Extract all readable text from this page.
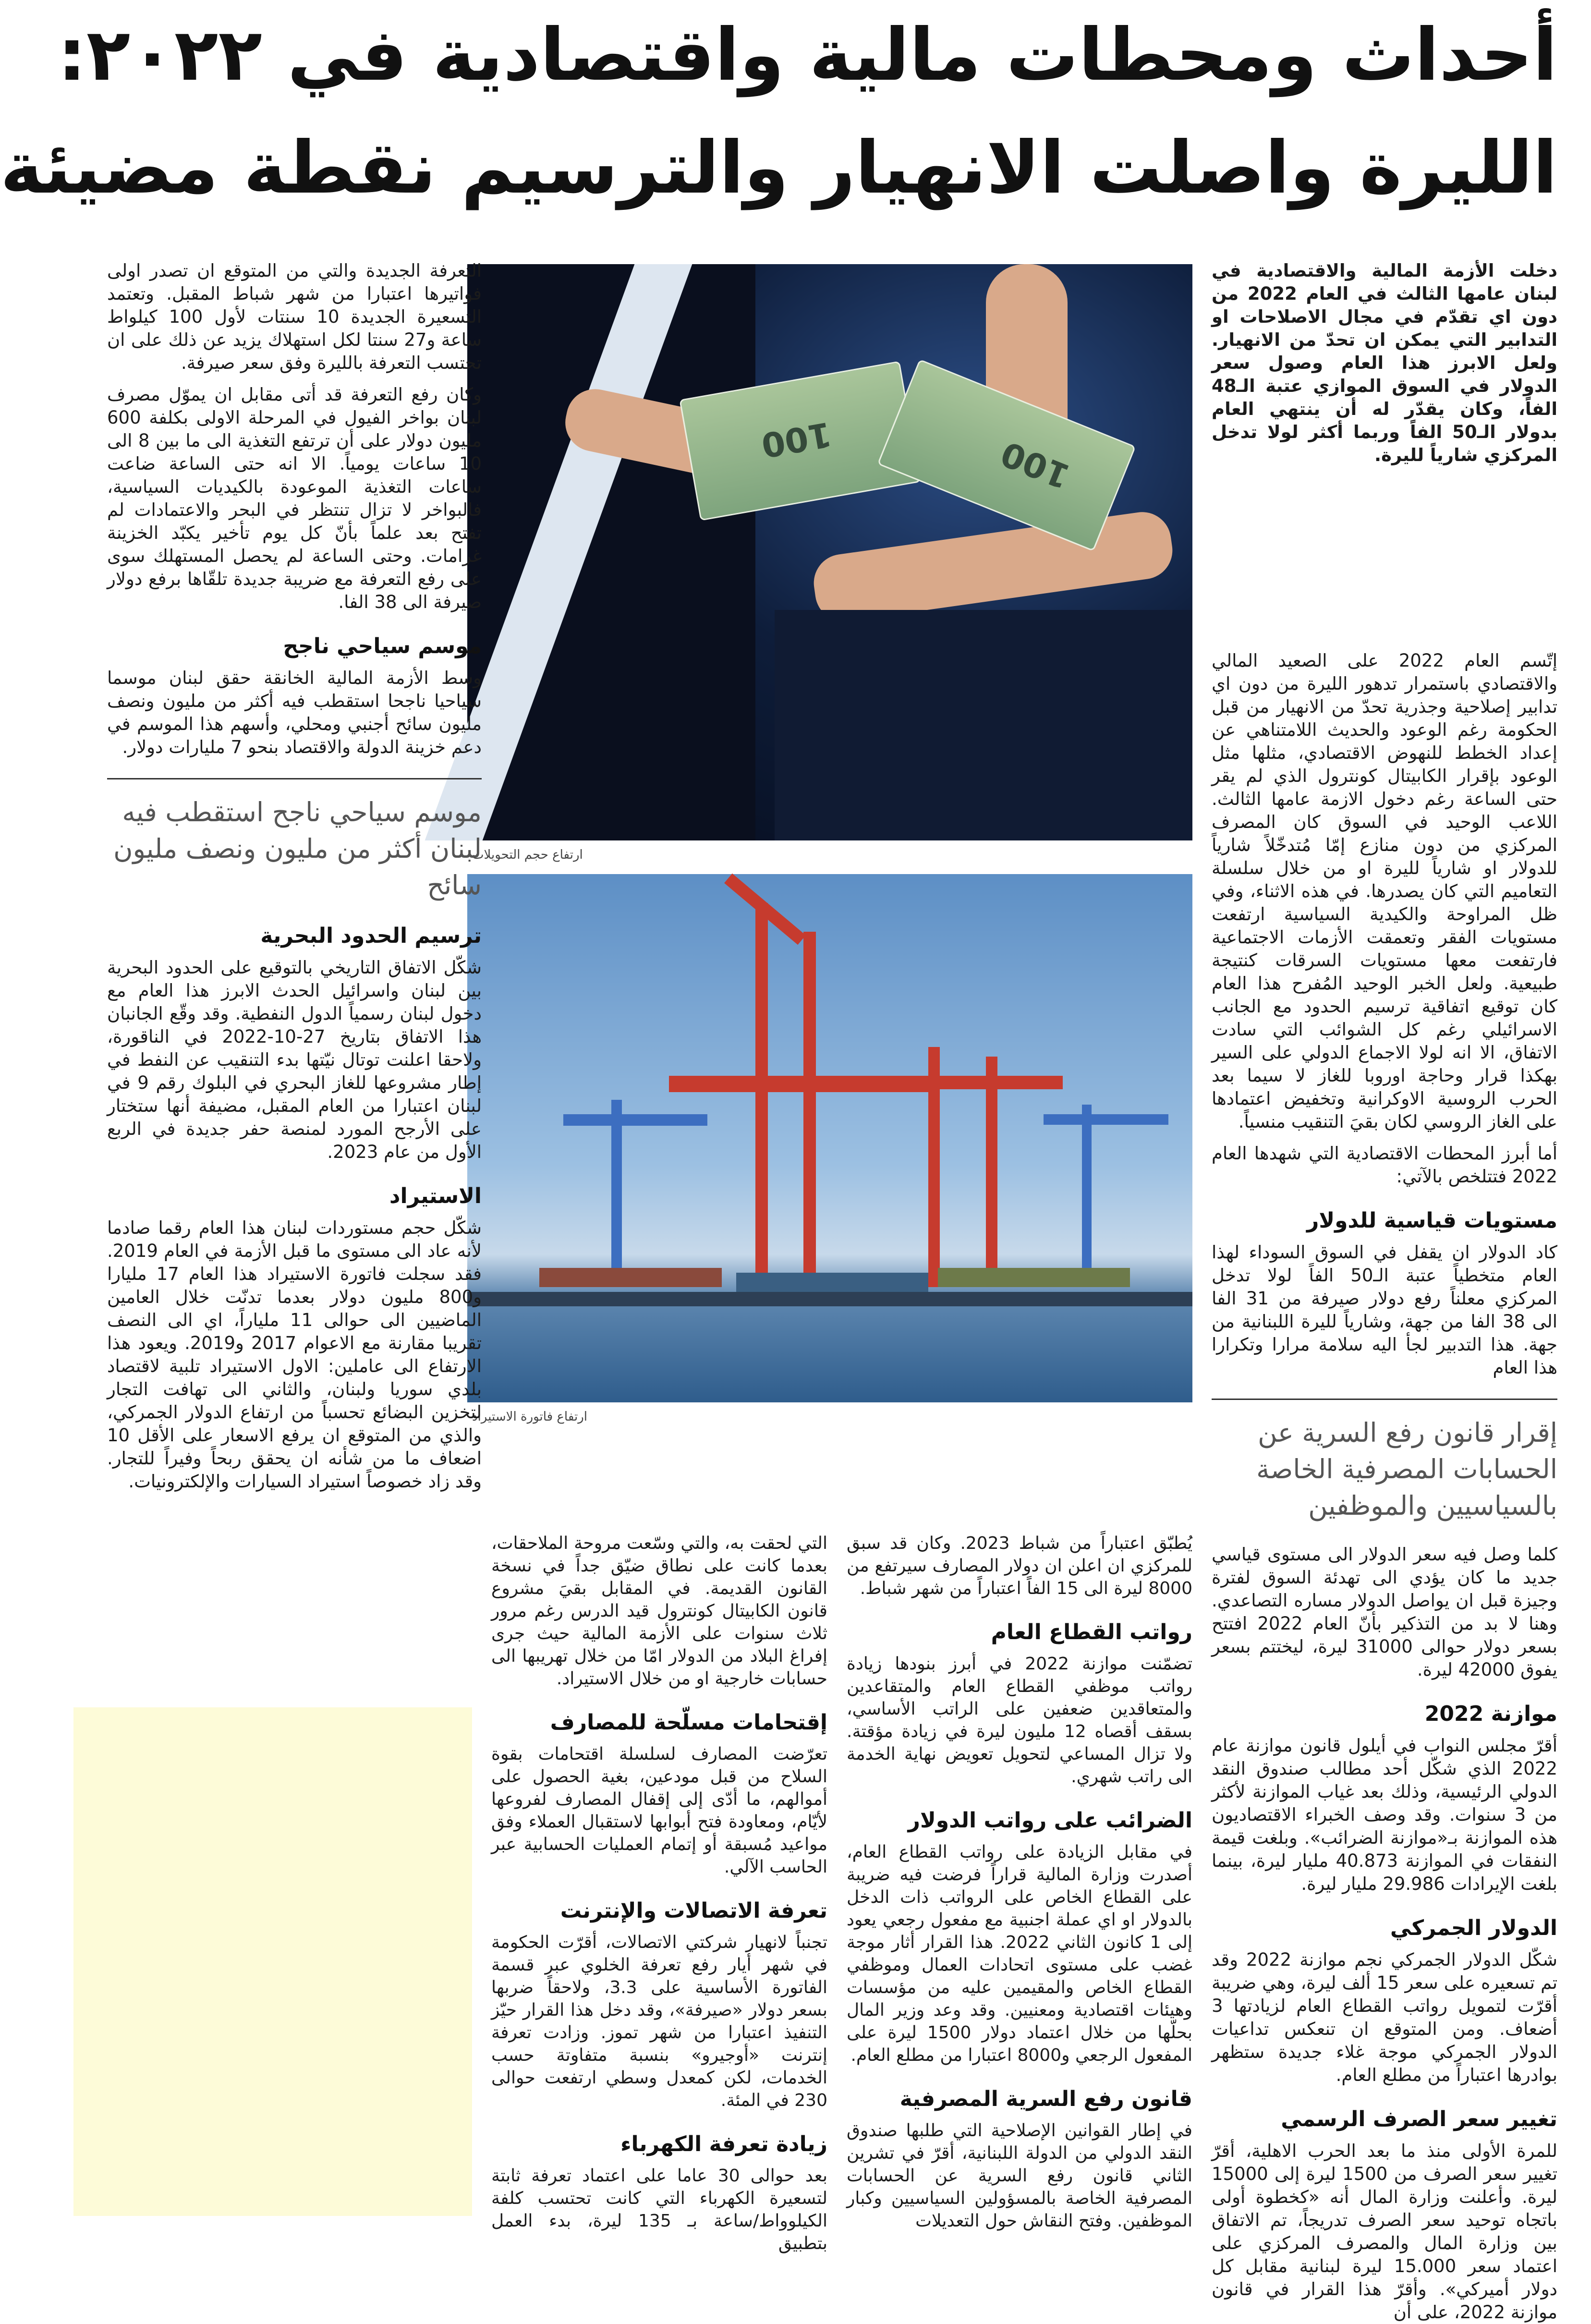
أحداث ومحطات مالية واقتصادية في ٢٠٢٢:
الليرة واصلت الانهيار والترسيم نقطة مضيئة
100	100
ارتفاع حجم التحويلات
ارتفاع فاتورة الاستيراد

دخلت الأزمة المالية والاقتصادية في لبنان عامها الثالث في العام 2022 من دون اي تقدّم في مجال الاصلاحات او التدابير التي يمكن ان تحدّ من الانهيار. ولعل الابرز هذا العام وصول سعر الدولار في السوق الموازي عتبة الـ48 الفاً، وكان يقدّر له أن ينتهي العام بدولار الـ50 الفاً وربما أكثر لولا تدخل المركزي شارياً لليرة.

إتّسم العام 2022 على الصعيد المالي والاقتصادي باستمرار تدهور الليرة من دون اي تدابير إصلاحية وجذرية تحدّ من الانهيار من قبل الحكومة رغم الوعود والحديث اللامتناهي عن إعداد الخطط للنهوض الاقتصادي، مثلها مثل الوعود بإقرار الكابيتال كونترول الذي لم يقر حتى الساعة رغم دخول الازمة عامها الثالث. اللاعب الوحيد في السوق كان المصرف المركزي من دون منازع إمّا مُتدخّلاً شارياً للدولار او شارياً لليرة او من خلال سلسلة التعاميم التي كان يصدرها. في هذه الاثناء، وفي ظل المراوحة والكيدية السياسية ارتفعت مستويات الفقر وتعمقت الأزمات الاجتماعية فارتفعت معها مستويات السرقات كنتيجة طبيعية. ولعل الخبر الوحيد المُفرح هذا العام كان توقيع اتفاقية ترسيم الحدود مع الجانب الاسرائيلي رغم كل الشوائب التي سادت الاتفاق، الا انه لولا الاجماع الدولي على السير بهكذا قرار وحاجة اوروبا للغاز لا سيما بعد الحرب الروسية الاوكرانية وتخفيض اعتمادها على الغاز الروسي لكان بقيَ التنقيب منسياً.

أما أبرز المحطات الاقتصادية التي شهدها العام 2022 فتتلخص بالآتي:

مستويات قياسية للدولار

كاد الدولار ان يقفل في السوق السوداء لهذا العام متخطياً عتبة الـ50 الفاً لولا تدخل المركزي معلناً رفع دولار صيرفة من 31 الفا الى 38 الفا من جهة، وشارياً لليرة اللبنانية من جهة. هذا التدبير لجأ اليه سلامة مرارا وتكرارا هذا العام

إقرار قانون رفع السرية عن الحسابات المصرفية الخاصة بالسياسيين والموظفين

كلما وصل فيه سعر الدولار الى مستوى قياسي جديد ما كان يؤدي الى تهدئة السوق لفترة وجيزة قبل ان يواصل الدولار مساره التصاعدي. وهنا لا بد من التذكير بأنّ العام 2022 افتتح بسعر دولار حوالى 31000 ليرة، ليختتم بسعر يفوق 42000 ليرة.

موازنة 2022

أقرّ مجلس النواب في أيلول قانون موازنة عام 2022 الذي شكّل أحد مطالب صندوق النقد الدولي الرئيسية، وذلك بعد غياب الموازنة لأكثر من 3 سنوات. وقد وصف الخبراء الاقتصاديون هذه الموازنة بـ«موازنة الضرائب». وبلغت قيمة النفقات في الموازنة 40.873 مليار ليرة، بينما بلغت الإيرادات 29.986 مليار ليرة.

الدولار الجمركي

شكّل الدولار الجمركي نجم موازنة 2022 وقد تم تسعيره على سعر 15 ألف ليرة، وهي ضريبة أقرّت لتمويل رواتب القطاع العام لزيادتها 3 أضعاف. ومن المتوقع ان تنعكس تداعيات الدولار الجمركي موجة غلاء جديدة ستظهر بوادرها اعتباراً من مطلع العام.

تغيير سعر الصرف الرسمي

للمرة الأولى منذ ما بعد الحرب الاهلية، أقرّ تغيير سعر الصرف من 1500 ليرة إلى 15000 ليرة. وأعلنت وزارة المال أنه «كخطوة أولى باتجاه توحيد سعر الصرف تدريجاً، تم الاتفاق بين وزارة المال والمصرف المركزي على اعتماد سعر 15.000 ليرة لبنانية مقابل كل دولار أميركي». وأقرّ هذا القرار في قانون موازنة 2022، على أن

يُطبّق اعتباراً من شباط 2023. وكان قد سبق للمركزي ان اعلن ان دولار المصارف سيرتفع من 8000 ليرة الى 15 الفاً اعتباراً من شهر شباط.

رواتب القطاع العام

تضمّنت موازنة 2022 في أبرز بنودها زيادة رواتب موظفي القطاع العام والمتقاعدين والمتعاقدين ضعفين على الراتب الأساسي، بسقف أقصاه 12 مليون ليرة في زيادة مؤقتة. ولا تزال المساعي لتحويل تعويض نهاية الخدمة الى راتب شهري.

الضرائب على رواتب الدولار

في مقابل الزيادة على رواتب القطاع العام، أصدرت وزارة المالية قراراً فرضت فيه ضريبة على القطاع الخاص على الرواتب ذات الدخل بالدولار او اي عملة اجنبية مع مفعول رجعي يعود إلى 1 كانون الثاني 2022. هذا القرار أثار موجة غضب على مستوى اتحادات العمال وموظفي القطاع الخاص والمقيمين عليه من مؤسسات وهيئات اقتصادية ومعنيين. وقد وعد وزير المال بحلّها من خلال اعتماد دولار 1500 ليرة على المفعول الرجعي و8000 اعتبارا من مطلع العام.

قانون رفع السرية المصرفية

في إطار القوانين الإصلاحية التي طلبها صندوق النقد الدولي من الدولة اللبنانية، أقرّ في تشرين الثاني قانون رفع السرية عن الحسابات المصرفية الخاصة بالمسؤولين السياسيين وكبار الموظفين. وفتح النقاش حول التعديلات

التي لحقت به، والتي وسّعت مروحة الملاحقات، بعدما كانت على نطاق ضيّق جداً في نسخة القانون القديمة. في المقابل بقيَ مشروع قانون الكابيتال كونترول قيد الدرس رغم مرور ثلاث سنوات على الأزمة المالية حيث جرى إفراغ البلاد من الدولار امّا من خلال تهريبها الى حسابات خارجية او من خلال الاستيراد.

إقتحامات مسلّحة للمصارف

تعرّضت المصارف لسلسلة اقتحامات بقوة السلاح من قبل مودعين، بغية الحصول على أموالهم، ما أدّى إلى إقفال المصارف لفروعها لأيّام، ومعاودة فتح أبوابها لاستقبال العملاء وفق مواعيد مُسبقة أو إتمام العمليات الحسابية عبر الحاسب الآلي.

تعرفة الاتصالات والإنترنت

تجنباً لانهيار شركتي الاتصالات، أقرّت الحكومة في شهر أيار رفع تعرفة الخلوي عبر قسمة الفاتورة الأساسية على 3.3، ولاحقاً ضربها بسعر دولار «صيرفة»، وقد دخل هذا القرار حيّز التنفيذ اعتبارا من شهر تموز. وزادت تعرفة إنترنت «أوجيرو» بنسبة متفاوتة حسب الخدمات، لكن كمعدل وسطي ارتفعت حوالى 230 في المئة.

زيادة تعرفة الكهرباء

بعد حوالى 30 عاما على اعتماد تعرفة ثابتة لتسعيرة الكهرباء التي كانت تحتسب كلفة الكيلوواط/ساعة بـ 135 ليرة، بدء العمل بتطبيق

التعرفة الجديدة والتي من المتوقع ان تصدر اولى فواتيرها اعتبارا من شهر شباط المقبل. وتعتمد التسعيرة الجديدة 10 سنتات لأول 100 كيلواط ساعة و27 سنتا لكل استهلاك يزيد عن ذلك على ان تحتسب التعرفة بالليرة وفق سعر صيرفة.

وكان رفع التعرفة قد أتى مقابل ان يموّل مصرف لبنان بواخر الفيول في المرحلة الاولى بكلفة 600 مليون دولار على أن ترتفع التغذية الى ما بين 8 الى 10 ساعات يومياً. الا انه حتى الساعة ضاعت ساعات التغذية الموعودة بالكيديات السياسية، فالبواخر لا تزال تنتظر في البحر والاعتمادات لم تفتح بعد علماً بأنّ كل يوم تأخير يكبّد الخزينة غرامات. وحتى الساعة لم يحصل المستهلك سوى على رفع التعرفة مع ضريبة جديدة تلقّاها برفع دولار صيرفة الى 38 الفا.

موسم سياحي ناجح

وسط الأزمة المالية الخانقة حقق لبنان موسما سياحيا ناجحا استقطب فيه أكثر من مليون ونصف مليون سائح أجنبي ومحلي، وأسهم هذا الموسم في دعم خزينة الدولة والاقتصاد بنحو 7 مليارات دولار.

موسم سياحي ناجح استقطب فيه لبنان أكثر من مليون ونصف مليون سائح
ترسيم الحدود البحرية

شكّل الاتفاق التاريخي بالتوقيع على الحدود البحرية بين لبنان واسرائيل الحدث الابرز هذا العام مع دخول لبنان رسمياً الدول النفطية. وقد وقّع الجانبان هذا الاتفاق بتاريخ 27-10-2022 في الناقورة، ولاحقا اعلنت توتال نيّتها بدء التنقيب عن النفط في إطار مشروعها للغاز البحري في البلوك رقم 9 في لبنان اعتبارا من العام المقبل، مضيفة أنها ستختار على الأرجح المورد لمنصة حفر جديدة في الربع الأول من عام 2023.

الاستيراد

شكّل حجم مستوردات لبنان هذا العام رقما صادما لأنه عاد الى مستوى ما قبل الأزمة في العام 2019. فقد سجلت فاتورة الاستيراد هذا العام 17 مليارا و800 مليون دولار بعدما تدنّت خلال العامين الماضيين الى حوالى 11 ملياراً، اي الى النصف تقريبا مقارنة مع الاعوام 2017 و2019. ويعود هذا الارتفاع الى عاملين: الاول الاستيراد تلبية لاقتصاد بلدي سوريا ولبنان، والثاني الى تهافت التجار لتخزين البضائع تحسباً من ارتفاع الدولار الجمركي، والذي من المتوقع ان يرفع الاسعار على الأقل 10 اضعاف ما من شأنه ان يحقق ربحاً وفيراً للتجار. وقد زاد خصوصاً استيراد السيارات والإلكترونيات.
